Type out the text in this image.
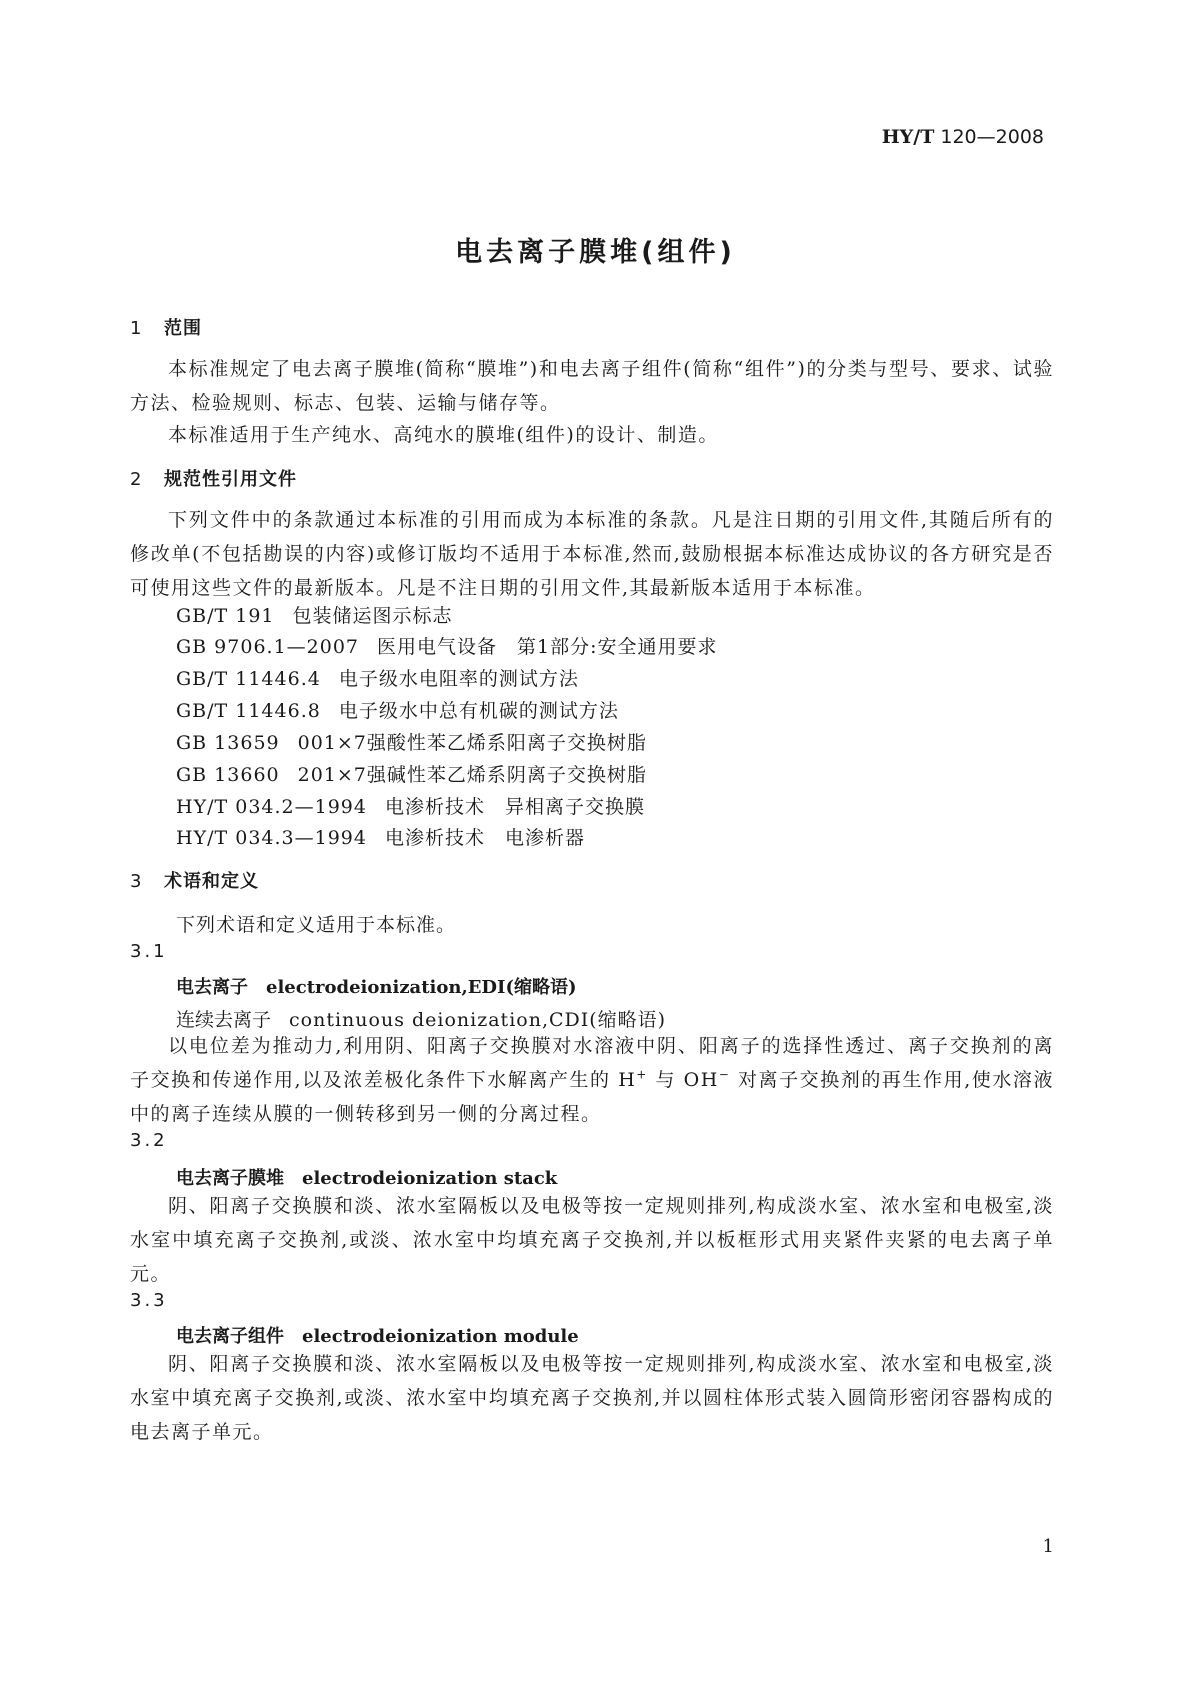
HY/T 120—2008
电去离子膜堆(组件)
1 范围
本标准规定了电去离子膜堆(简称“膜堆”)和电去离子组件(简称“组件”)的分类与型号、要求、试验方法、检验规则、标志、包装、运输与储存等。
本标准适用于生产纯水、高纯水的膜堆(组件)的设计、制造。
2 规范性引用文件
下列文件中的条款通过本标准的引用而成为本标准的条款。凡是注日期的引用文件,其随后所有的修改单(不包括勘误的内容)或修订版均不适用于本标准,然而,鼓励根据本标准达成协议的各方研究是否可使用这些文件的最新版本。凡是不注日期的引用文件,其最新版本适用于本标准。
GB/T 191 包装储运图示标志
GB 9706.1—2007 医用电气设备　第1部分:安全通用要求
GB/T 11446.4 电子级水电阻率的测试方法
GB/T 11446.8 电子级水中总有机碳的测试方法
GB 13659 001×7强酸性苯乙烯系阳离子交换树脂
GB 13660 201×7强碱性苯乙烯系阴离子交换树脂
HY/T 034.2—1994 电渗析技术　异相离子交换膜
HY/T 034.3—1994 电渗析技术　电渗析器
3 术语和定义
下列术语和定义适用于本标准。
3.1
电去离子 electrodeionization,EDI(缩略语)
连续去离子 continuous deionization,CDI(缩略语)
以电位差为推动力,利用阴、阳离子交换膜对水溶液中阴、阳离子的选择性透过、离子交换剂的离子交换和传递作用,以及浓差极化条件下水解离产生的 H+ 与 OH− 对离子交换剂的再生作用,使水溶液中的离子连续从膜的一侧转移到另一侧的分离过程。
3.2
电去离子膜堆 electrodeionization stack
阴、阳离子交换膜和淡、浓水室隔板以及电极等按一定规则排列,构成淡水室、浓水室和电极室,淡水室中填充离子交换剂,或淡、浓水室中均填充离子交换剂,并以板框形式用夹紧件夹紧的电去离子单元。
3.3
电去离子组件 electrodeionization module
阴、阳离子交换膜和淡、浓水室隔板以及电极等按一定规则排列,构成淡水室、浓水室和电极室,淡水室中填充离子交换剂,或淡、浓水室中均填充离子交换剂,并以圆柱体形式装入圆筒形密闭容器构成的电去离子单元。
1
